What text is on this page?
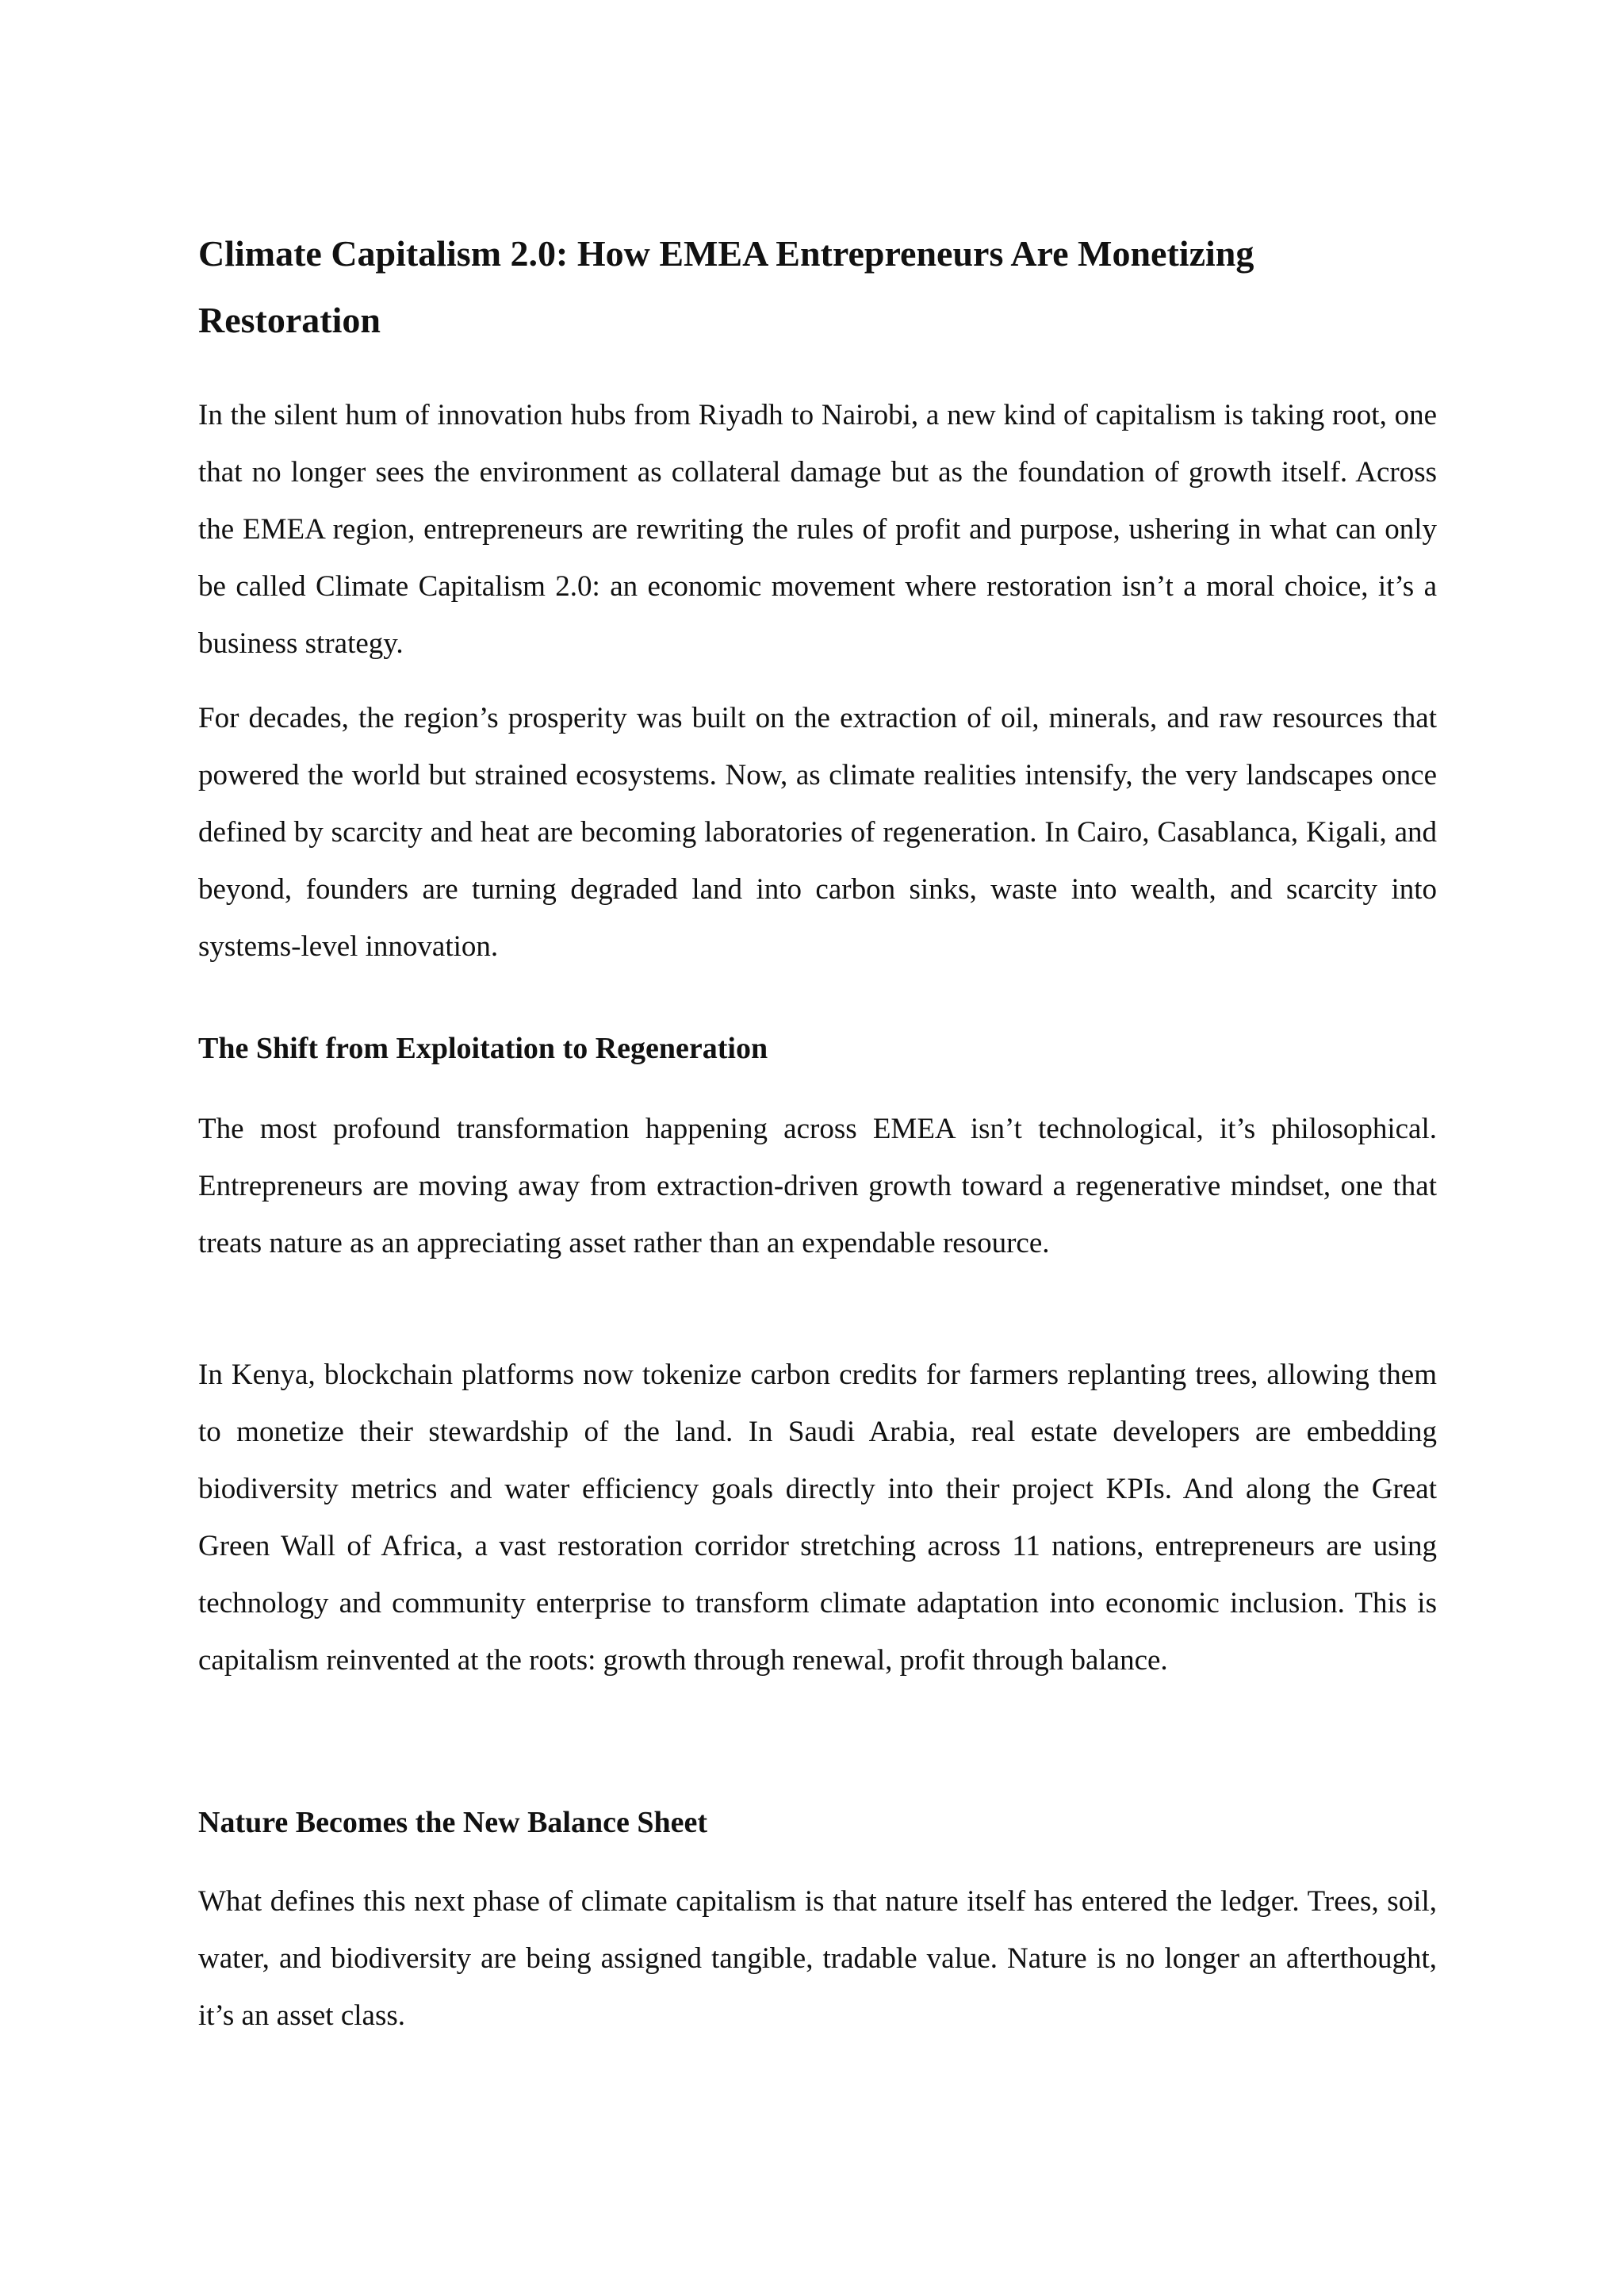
Climate Capitalism 2.0: How EMEA Entrepreneurs Are Monetizing Restoration

In the silent hum of innovation hubs from Riyadh to Nairobi, a new kind of capitalism is taking root, one that no longer sees the environment as collateral damage but as the foundation of growth itself. Across the EMEA region, entrepreneurs are rewriting the rules of profit and purpose, ushering in what can only be called Climate Capitalism 2.0: an economic movement where restoration isn’t a moral choice, it’s a business strategy.

For decades, the region’s prosperity was built on the extraction of oil, minerals, and raw resources that powered the world but strained ecosystems. Now, as climate realities intensify, the very landscapes once defined by scarcity and heat are becoming laboratories of regeneration. In Cairo, Casablanca, Kigali, and beyond, founders are turning degraded land into carbon sinks, waste into wealth, and scarcity into systems-level innovation.

The Shift from Exploitation to Regeneration

The most profound transformation happening across EMEA isn’t technological, it’s philosophical. Entrepreneurs are moving away from extraction-driven growth toward a regenerative mindset, one that treats nature as an appreciating asset rather than an expendable resource.

In Kenya, blockchain platforms now tokenize carbon credits for farmers replanting trees, allowing them to monetize their stewardship of the land. In Saudi Arabia, real estate developers are embedding biodiversity metrics and water efficiency goals directly into their project KPIs. And along the Great Green Wall of Africa, a vast restoration corridor stretching across 11 nations, entrepreneurs are using technology and community enterprise to transform climate adaptation into economic inclusion. This is capitalism reinvented at the roots: growth through renewal, profit through balance.

Nature Becomes the New Balance Sheet

What defines this next phase of climate capitalism is that nature itself has entered the ledger. Trees, soil, water, and biodiversity are being assigned tangible, tradable value. Nature is no longer an afterthought, it’s an asset class.
